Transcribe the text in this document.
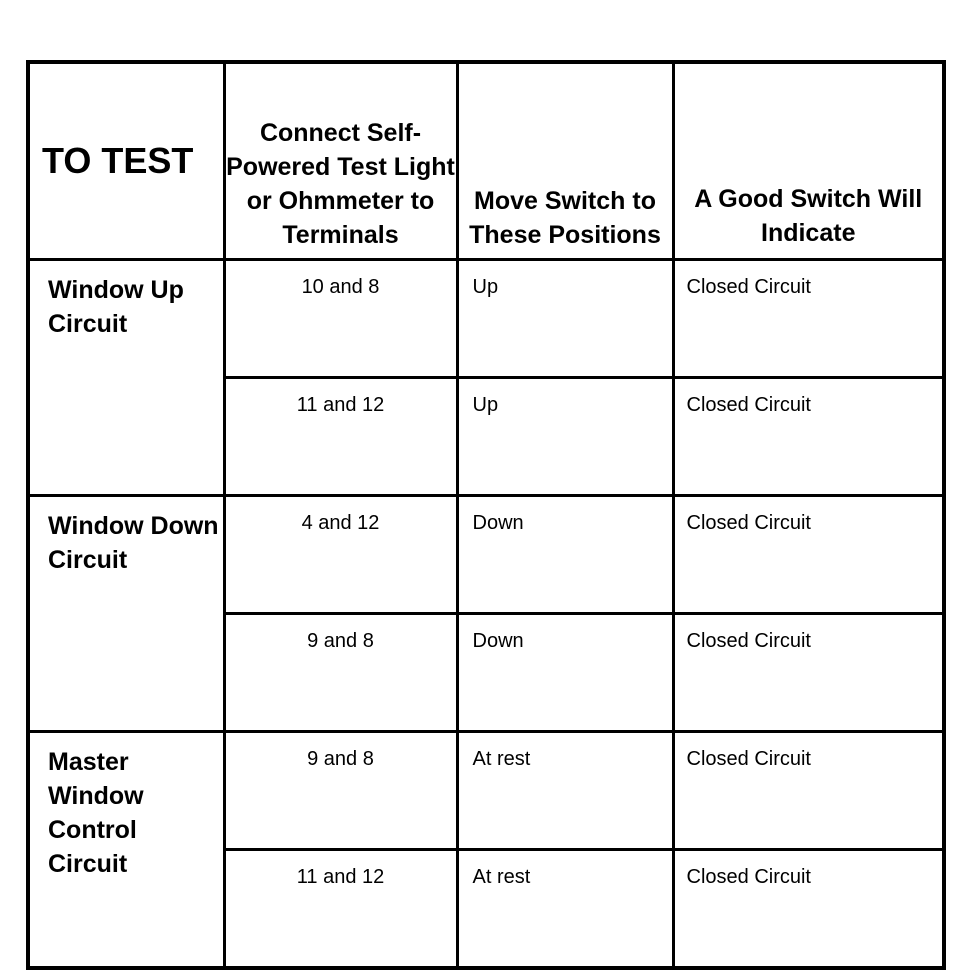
TO TEST	Connect Self-Powered Test Light or Ohmmeter to Terminals	Move Switch to These Positions	A Good Switch Will Indicate
Window Up Circuit	10 and 8	Up	Closed Circuit
	11 and 12	Up	Closed Circuit
Window Down Circuit	4 and 12	Down	Closed Circuit
	9 and 8	Down	Closed Circuit
Master Window Control Circuit	9 and 8	At rest	Closed Circuit
	11 and 12	At rest	Closed Circuit
